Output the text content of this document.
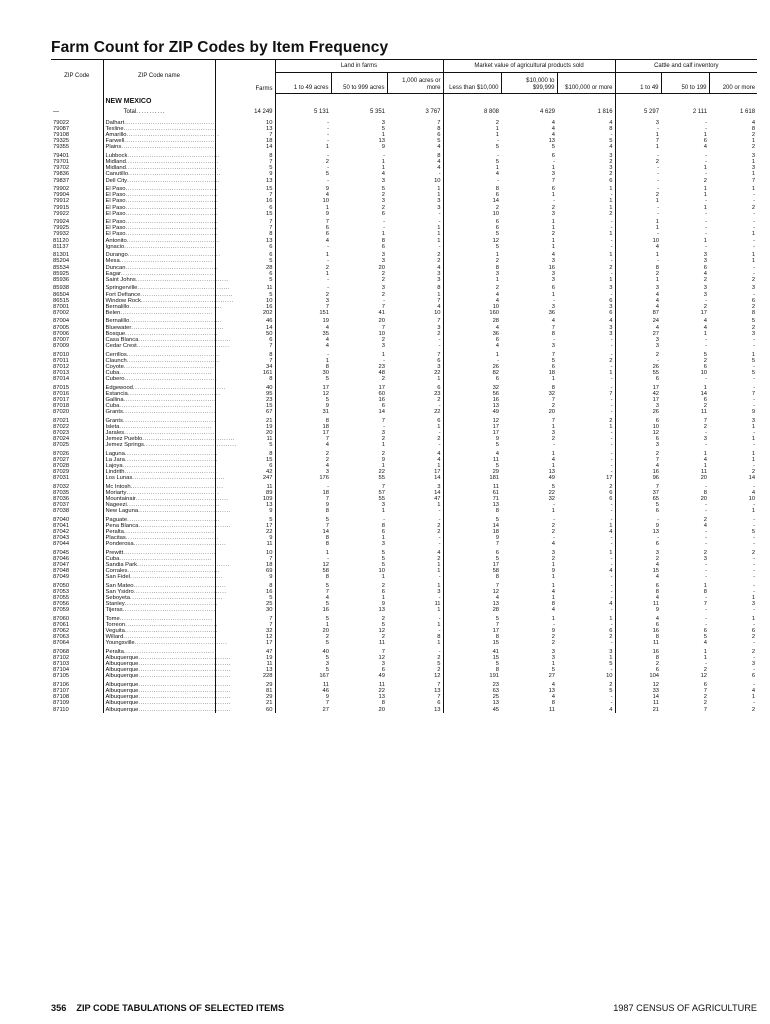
Farm Count for ZIP Codes by Item Frequency
ZIP Code	ZIP Code name	Farms	Land in farms			Market value of agricultural products sold			Cattle and calf inventory		
			1 to 49 acres	50 to 999 acres	1,000 acres or more	Less than $10,000	$10,000 to $99,999	$100,000 or more	1 to 49	50 to 199	200 or more
	NEW MEXICO										
—	Total...........	14 249	5 131	5 351	3 767	8 808	4 629	1 816	5 297	2 111	1 618
79022	Dalhart..........................................	10	-	3	7	2	4	4	3	-	4
79087	Texline..........................................	13	-	5	8	1	4	8	-	-	8
79108	Amarillo..........................................	7	-	1	6	1	4	-	1	1	2
79325	Farwell..........................................	18	-	13	5	-	13	5	7	6	1
79355	Plains..........................................	14	1	9	4	5	5	4	1	4	2
79401	Lubbock..........................................	8	-	-	8	-	6	3	-	-	3
79701	Midland..........................................	7	2	1	4	5	-	2	2	-	1
79702	Midland..........................................	5	-	1	4	1	1	3	-	1	3
79836	Canutillo..........................................	9	5	4	-	4	3	2	-	-	1
79837	Dell City..........................................	13	-	3	10	-	7	6	-	2	7
79902	El Paso..........................................	15	9	5	1	8	6	1	-	1	1
79904	El Paso..........................................	7	4	2	1	6	1	-	2	1	-
79912	El Paso..........................................	16	10	3	3	14	-	1	1	-	-
79915	El Paso..........................................	6	1	2	3	2	2	1	-	1	2
79922	El Paso..........................................	15	9	6	-	10	3	2	-	-	-
79924	El Paso..........................................	7	7	-	-	6	1	-	1	-	-
79925	El Paso..........................................	7	6	-	1	6	1	-	1	-	-
79932	El Paso..........................................	8	6	1	1	5	2	1	-	-	1
81120	Antonito..........................................	13	4	8	1	12	1	-	10	1	-
81137	Ignacio..........................................	6	-	6	-	5	1	-	4	-	-
81301	Durango..........................................	6	1	3	2	1	4	1	1	3	1
85204	Mesa..........................................	5	-	3	2	2	3	-	-	3	1
85534	Duncan..........................................	28	2	20	4	8	16	2	8	6	-
85925	Eagar..........................................	6	1	2	3	3	3	-	2	4	-
85936	Saint Johns..........................................	5	-	2	3	1	3	1	1	2	2
85938	Springerville..........................................	11	-	3	8	2	6	3	3	3	3
86504	Fort Defiance..........................................	5	2	2	1	4	1	-	4	3	-
86515	Window Rock..........................................	10	3	-	7	4	-	6	4	-	6
87001	Bernalillo..........................................	16	7	7	4	10	3	3	4	2	2
87002	Belen..........................................	202	151	41	10	160	36	6	87	17	8
87004	Bernalillo..........................................	46	19	20	7	28	4	4	24	4	5
87005	Bluewater..........................................	14	4	7	3	4	7	3	4	4	2
87006	Bosque..........................................	50	35	10	2	36	8	3	27	1	3
87007	Casa Blanca..........................................	6	4	2	-	6	-	-	3	-	-
87009	Cedar Crest..........................................	7	4	3	-	4	3	-	3	-	-
87010	Cerrillos..........................................	8	-	1	7	1	7	-	2	5	1
87011	Claunch..........................................	7	1	-	6	-	5	2	-	2	5
87012	Coyote..........................................	34	8	23	3	26	6	-	26	6	-
87013	Cuba..........................................	161	30	48	22	82	18	1	55	10	5
87014	Cubero..........................................	8	5	2	1	6	1	-	6	-	-
87015	Edgewood..........................................	40	17	17	6	32	8	-	17	1	-
87016	Estancia..........................................	95	12	60	23	56	32	7	42	14	7
87017	Gallina..........................................	23	5	16	2	16	7	-	17	6	-
87018	Cuba..........................................	15	9	6	-	13	2	-	3	2	-
87020	Grants..........................................	67	31	14	22	49	20	-	26	11	9
87021	Grants..........................................	21	8	7	6	12	7	2	6	7	3
87022	Isleta..........................................	19	18	-	1	17	1	1	10	2	1
87023	Jarales..........................................	20	17	3	-	17	3	-	12	-	-
87024	Jemez Pueblo..........................................	11	7	2	2	9	2	-	6	3	1
87025	Jemez Springs..........................................	5	4	1	-	5	-	-	3	-	-
87026	Laguna..........................................	8	2	2	4	4	1	-	2	1	1
87027	La Jara..........................................	15	2	9	4	11	4	-	7	4	1
87028	Lajoya..........................................	6	4	1	1	5	1	-	4	1	-
87029	Lindrith..........................................	42	3	22	17	29	13	-	16	11	2
87031	Los Lunas..........................................	247	176	55	14	181	49	17	96	20	14
87032	Mc Intosh..........................................	11	-	7	3	11	5	2	7	-	-
87035	Moriarty..........................................	89	18	57	14	61	22	6	37	8	4
87036	Mountainair..........................................	109	7	55	47	71	32	6	65	20	10
87037	Nageezi..........................................	13	9	3	1	13	-	-	5	-	-
87038	New Laguna..........................................	9	8	1	-	8	1	-	6	-	1
87040	Paguate..........................................	5	5	-	-	5	-	-	-	2	-
87041	Pena Blanca..........................................	17	7	8	2	14	2	1	9	4	-
87042	Peralta..........................................	22	14	6	2	18	2	4	13	-	5
87043	Placitas..........................................	9	8	1	-	9	-	-	-	-	-
87044	Ponderosa..........................................	11	8	3	-	7	4	-	6	-	-
87045	Prewitt..........................................	10	1	5	4	6	3	1	3	2	2
87046	Cuba..........................................	7	-	5	2	5	2	-	2	3	-
87047	Sandia Park..........................................	18	12	5	1	17	1	-	4	-	-
87048	Corrales..........................................	69	58	10	1	58	9	4	15	-	-
87049	San Fidel..........................................	9	8	1	-	8	1	-	4	-	-
87050	San Mateo..........................................	8	5	2	1	7	1	-	6	1	-
87053	San Ysidro..........................................	16	7	6	3	12	4	-	8	8	-
87055	Seboyeta..........................................	5	4	1	-	4	1	-	4	-	1
87056	Stanley..........................................	25	5	9	11	13	8	4	11	7	3
87059	Tijeras..........................................	30	16	13	1	28	4	-	9	-	-
87060	Tome..........................................	7	5	2	-	5	1	1	4	-	1
87061	Torreon..........................................	7	1	5	1	7	-	-	6	-	-
87062	Veguita..........................................	32	20	12	-	17	9	6	16	6	6
87063	Willard..........................................	12	2	2	8	8	2	2	8	5	2
87064	Youngsville..........................................	17	5	11	1	15	2	-	11	4	-
87068	Peralta..........................................	47	40	7	-	41	3	3	16	1	2
87102	Albuquerque..........................................	19	5	12	2	15	3	1	8	1	-
87103	Albuquerque..........................................	11	3	3	5	5	1	5	2	-	3
87104	Albuquerque..........................................	13	5	6	2	8	5	-	6	2	-
87105	Albuquerque..........................................	228	167	49	12	191	27	10	104	12	6
87106	Albuquerque..........................................	29	11	11	7	23	4	2	12	6	-
87107	Albuquerque..........................................	81	46	22	13	63	13	5	33	7	4
87108	Albuquerque..........................................	29	9	13	7	25	4	-	14	2	1
87109	Albuquerque..........................................	21	7	8	6	13	8	-	11	2	-
87110	Albuquerque..........................................	60	27	20	13	45	11	4	21	7	2
356 ZIP CODE TABULATIONS OF SELECTED ITEMS	1987 CENSUS OF AGRICULTURE
